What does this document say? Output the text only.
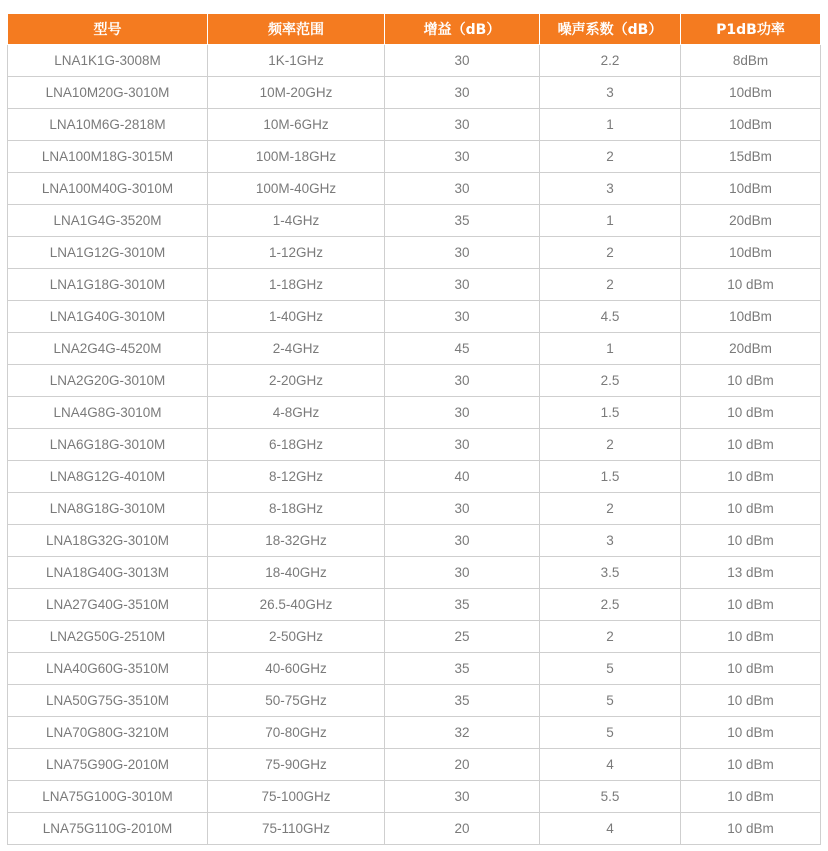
型号	频率范围	增益（dB）	噪声系数（dB）	P1dB功率
LNA1K1G-3008M	1K-1GHz	30	2.2	8dBm
LNA10M20G-3010M	10M-20GHz	30	3	10dBm
LNA10M6G-2818M	10M-6GHz	30	1	10dBm
LNA100M18G-3015M	100M-18GHz	30	2	15dBm
LNA100M40G-3010M	100M-40GHz	30	3	10dBm
LNA1G4G-3520M	1-4GHz	35	1	20dBm
LNA1G12G-3010M	1-12GHz	30	2	10dBm
LNA1G18G-3010M	1-18GHz	30	2	10 dBm
LNA1G40G-3010M	1-40GHz	30	4.5	10dBm
LNA2G4G-4520M	2-4GHz	45	1	20dBm
LNA2G20G-3010M	2-20GHz	30	2.5	10 dBm
LNA4G8G-3010M	4-8GHz	30	1.5	10 dBm
LNA6G18G-3010M	6-18GHz	30	2	10 dBm
LNA8G12G-4010M	8-12GHz	40	1.5	10 dBm
LNA8G18G-3010M	8-18GHz	30	2	10 dBm
LNA18G32G-3010M	18-32GHz	30	3	10 dBm
LNA18G40G-3013M	18-40GHz	30	3.5	13 dBm
LNA27G40G-3510M	26.5-40GHz	35	2.5	10 dBm
LNA2G50G-2510M	2-50GHz	25	2	10 dBm
LNA40G60G-3510M	40-60GHz	35	5	10 dBm
LNA50G75G-3510M	50-75GHz	35	5	10 dBm
LNA70G80G-3210M	70-80GHz	32	5	10 dBm
LNA75G90G-2010M	75-90GHz	20	4	10 dBm
LNA75G100G-3010M	75-100GHz	30	5.5	10 dBm
LNA75G110G-2010M	75-110GHz	20	4	10 dBm
